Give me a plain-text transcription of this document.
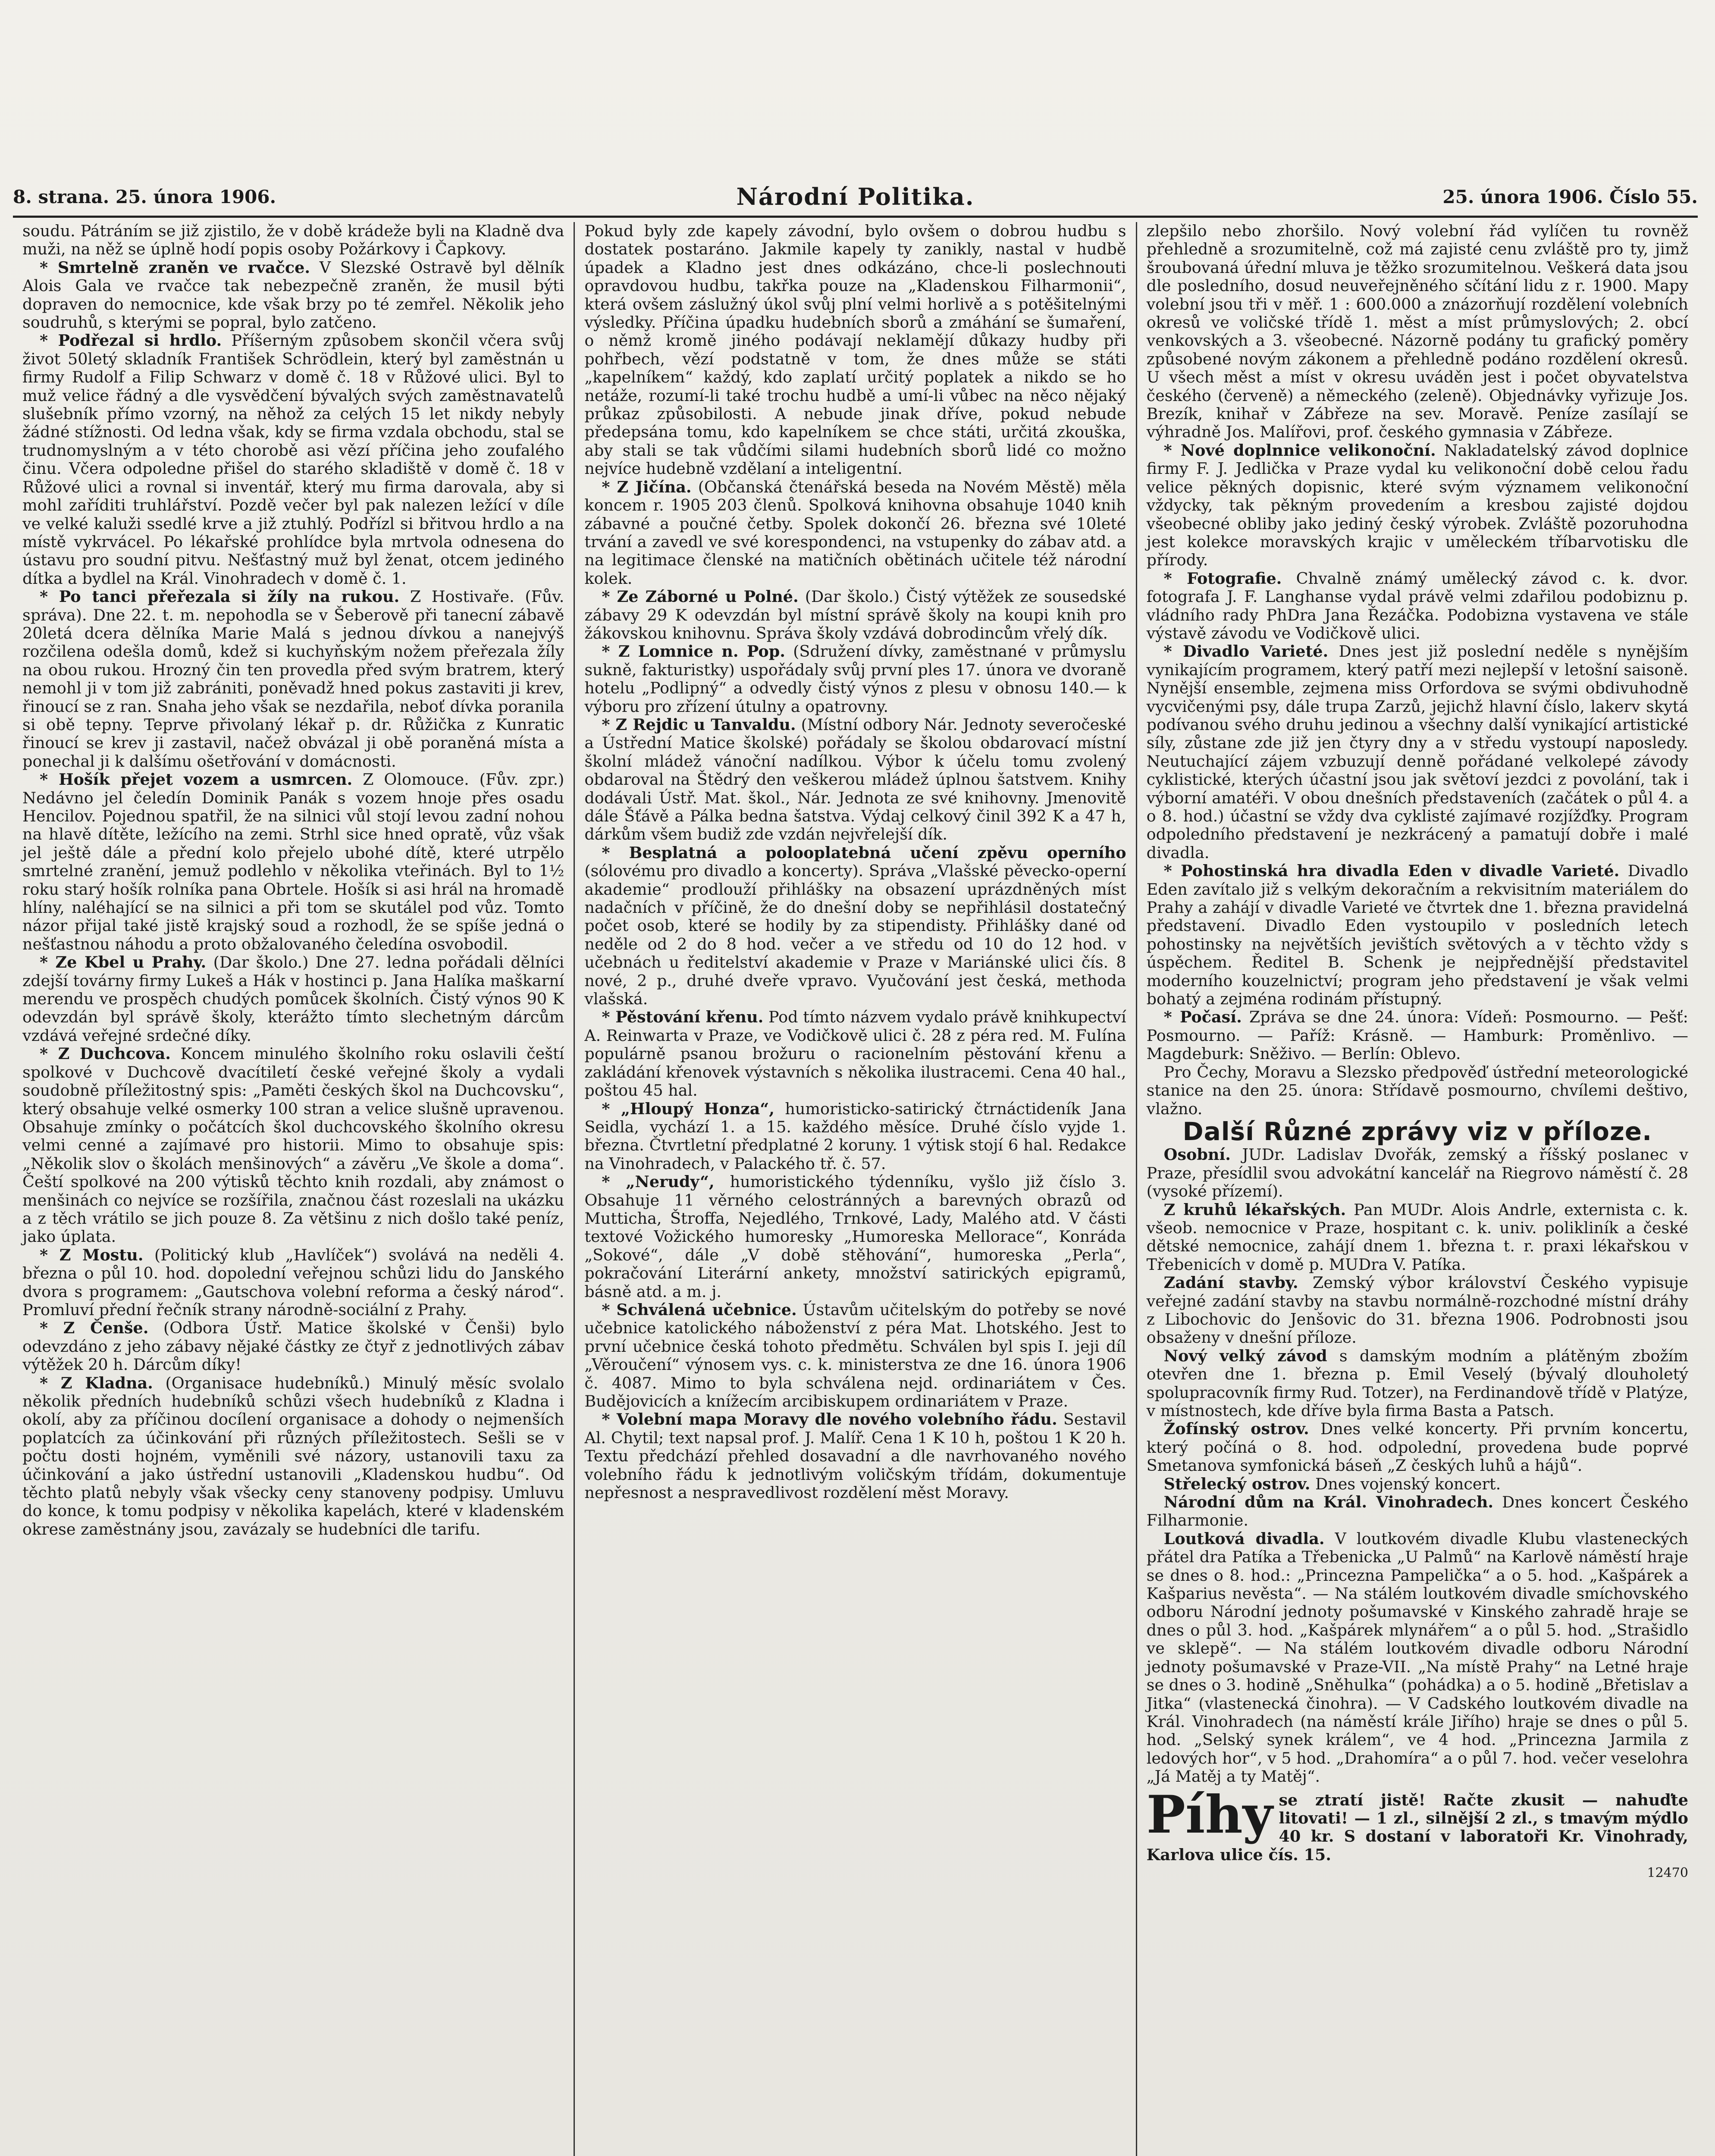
8. strana. 25. února 1906.	Národní Politika.	25. února 1906. Číslo 55.

soudu. Pátráním se již zjistilo, že v době krádeže byli na Kladně dva muži, na něž se úplně hodí popis osoby Požárkovy i Čapkovy.

* Smrtelně zraněn ve rvačce. V Slezské Ostravě byl dělník Alois Gala ve rvačce tak nebezpečně zraněn, že musil býti dopraven do nemocnice, kde však brzy po té zemřel. Několik jeho soudruhů, s kterými se popral, bylo zatčeno.

* Podřezal si hrdlo. Příšerným způsobem skončil včera svůj život 50letý skladník František Schrödlein, který byl zaměstnán u firmy Rudolf a Filip Schwarz v domě č. 18 v Růžové ulici. Byl to muž velice řádný a dle vysvědčení bývalých svých zaměstnavatelů slušebník přímo vzorný, na něhož za celých 15 let nikdy nebyly žádné stížnosti. Od ledna však, kdy se firma vzdala obchodu, stal se trudnomyslným a v této chorobě asi vězí příčina jeho zoufalého činu. Včera odpoledne přišel do starého skladiště v domě č. 18 v Růžové ulici a rovnal si inventář, který mu firma darovala, aby si mohl zaříditi truhlářství. Pozdě večer byl pak nalezen ležící v díle ve velké kaluži ssedlé krve a již ztuhlý. Podřízl si břitvou hrdlo a na místě vykrvácel. Po lékařské prohlídce byla mrtvola odnesena do ústavu pro soudní pitvu. Nešťastný muž byl ženat, otcem jediného dítka a bydlel na Král. Vinohradech v domě č. 1.

* Po tanci přeřezala si žíly na rukou. Z Hostivaře. (Fův. správa). Dne 22. t. m. nepohodla se v Šeberově při tanecní zábavě 20letá dcera dělníka Marie Malá s jednou dívkou a nanejvýš rozčilena odešla domů, kdež si kuchyňským nožem přeřezala žíly na obou rukou. Hrozný čin ten provedla před svým bratrem, který nemohl ji v tom již zabrániti, poněvadž hned pokus zastaviti ji krev, řinoucí se z ran. Snaha jeho však se nezdařila, neboť dívka poranila si obě tepny. Teprve přivolaný lékař p. dr. Růžička z Kunratic řinoucí se krev ji zastavil, načež obvázal ji obě poraněná místa a ponechal ji k dalšímu ošetřování v domácnosti.

* Hošík přejet vozem a usmrcen. Z Olomouce. (Fův. zpr.) Nedávno jel čeledín Dominik Panák s vozem hnoje přes osadu Hencilov. Pojednou spatřil, že na silnici vůl stojí levou zadní nohou na hlavě dítěte, ležícího na zemi. Strhl sice hned opratě, vůz však jel ještě dále a přední kolo přejelo ubohé dítě, které utrpělo smrtelné zranění, jemuž podlehlo v několika vteřinách. Byl to 1½ roku starý hošík rolníka pana Obrtele. Hošík si asi hrál na hromadě hlíny, naléhající se na silnici a při tom se skutálel pod vůz. Tomto názor přijal také jistě krajský soud a rozhodl, že se spíše jedná o nešťastnou náhodu a proto obžalovaného čeledína osvobodil.

* Ze Kbel u Prahy. (Dar školo.) Dne 27. ledna pořádali dělníci zdejší továrny firmy Lukeš a Hák v hostinci p. Jana Halíka maškarní merendu ve prospěch chudých pomůcek školních. Čistý výnos 90 K odevzdán byl správě školy, kterážto tímto slechetným dárcům vzdává veřejné srdečné díky.

* Z Duchcova. Koncem minulého školního roku oslavili čeští spolkové v Duchcově dvacítiletí české veřejné školy a vydali soudobně příležitostný spis: „Paměti českých škol na Duchcovsku“, který obsahuje velké osmerky 100 stran a velice slušně upravenou. Obsahuje zmínky o počátcích škol duchcovského školního okresu velmi cenné a zajímavé pro historii. Mimo to obsahuje spis: „Několik slov o školách menšinových“ a závěru „Ve škole a doma“. Čeští spolkové na 200 výtisků těchto knih rozdali, aby známost o menšinách co nejvíce se rozšířila, značnou část rozeslali na ukázku a z těch vrátilo se jich pouze 8. Za většinu z nich došlo také peníz, jako úplata.

* Z Mostu. (Politický klub „Havlíček“) svolává na neděli 4. března o půl 10. hod. dopolední veřejnou schůzi lidu do Janského dvora s programem: „Gautschova volební reforma a český národ“. Promluví přední řečník strany národně-sociální z Prahy.

* Z Čenše. (Odbora Ústř. Matice školské v Čenši) bylo odevzdáno z jeho zábavy nějaké částky ze čtyř z jednotlivých zábav výtěžek 20 h. Dárcům díky!

* Z Kladna. (Organisace hudebníků.) Minulý měsíc svolalo několik předních hudebníků schůzi všech hudebníků z Kladna i okolí, aby za příčinou docílení organisace a dohody o nejmenších poplatcích za účinkování při různých příležitostech. Sešli se v počtu dosti hojném, vyměnili své názory, ustanovili taxu za účinkování a jako ústřední ustanovili „Kladenskou hudbu“. Od těchto platů nebyly však všecky ceny stanoveny podpisy. Umluvu do konce, k tomu podpisy v několika kapelách, které v kladenském okrese zaměstnány jsou, zavázaly se hudebníci dle tarifu.

Pokud byly zde kapely závodní, bylo ovšem o dobrou hudbu s dostatek postaráno. Jakmile kapely ty zanikly, nastal v hudbě úpadek a Kladno jest dnes odkázáno, chce-li poslechnouti opravdovou hudbu, takřka pouze na „Kladenskou Filharmonii“, která ovšem záslužný úkol svůj plní velmi horlivě a s potěšitelnými výsledky. Příčina úpadku hudebních sborů a zmáhání se šumaření, o němž kromě jiného podávají neklamějí důkazy hudby při pohřbech, vězí podstatně v tom, že dnes může se státi „kapelníkem“ každý, kdo zaplatí určitý poplatek a nikdo se ho netáže, rozumí-li také trochu hudbě a umí-li vůbec na něco nějaký průkaz způsobilosti. A nebude jinak dříve, pokud nebude předepsána tomu, kdo kapelníkem se chce státi, určitá zkouška, aby stali se tak vůdčími silami hudebních sborů lidé co možno nejvíce hudebně vzdělaní a inteligentní.

* Z Jičína. (Občanská čtenářská beseda na Novém Městě) měla koncem r. 1905 203 členů. Spolková knihovna obsahuje 1040 knih zábavné a poučné četby. Spolek dokončí 26. března své 10leté trvání a zavedl ve své korespondenci, na vstupenky do zábav atd. a na legitimace členské na matičních obětinách učitele též národní kolek.

* Ze Záborné u Polné. (Dar školo.) Čistý výtěžek ze sousedské zábavy 29 K odevzdán byl místní správě školy na koupi knih pro žákovskou knihovnu. Správa školy vzdává dobrodincům vřelý dík.

* Z Lomnice n. Pop. (Sdružení dívky, zaměstnané v průmyslu sukně, fakturistky) uspořádaly svůj první ples 17. února ve dvoraně hotelu „Podlipný“ a odvedly čistý výnos z plesu v obnosu 140.— k výboru pro zřízení útulny a opatrovny.

* Z Rejdic u Tanvaldu. (Místní odbory Nár. Jednoty severočeské a Ústřední Matice školské) pořádaly se školou obdarovací místní školní mládež vánoční nadílkou. Výbor k účelu tomu zvolený obdaroval na Štědrý den veškerou mládež úplnou šatstvem. Knihy dodávali Ústř. Mat. škol., Nár. Jednota ze své knihovny. Jmenovitě dále Šťávě a Pálka bedna šatstva. Výdaj celkový činil 392 K a 47 h, dárkům všem budiž zde vzdán nejvřelejší dík.

* Besplatná a polooplatebná učení zpěvu operního (sólovému pro divadlo a koncerty). Správa „Vlašské pěvecko-operní akademie“ prodlouží přihlášky na obsazení uprázdněných míst nadačních v příčině, že do dnešní doby se nepřihlásil dostatečný počet osob, které se hodily by za stipendisty. Přihlášky dané od neděle od 2 do 8 hod. večer a ve středu od 10 do 12 hod. v učebnách u ředitelství akademie v Praze v Mariánské ulici čís. 8 nové, 2 p., druhé dveře vpravo. Vyučování jest česká, methoda vlašská.

* Pěstování křenu. Pod tímto názvem vydalo právě knihkupectví A. Reinwarta v Praze, ve Vodičkově ulici č. 28 z péra red. M. Fulína populárně psanou brožuru o racionelním pěstování křenu a zakládání křenovek výstavních s několika ilustracemi. Cena 40 hal., poštou 45 hal.

* „Hloupý Honza“, humoristicko-satirický čtrnáctideník Jana Seidla, vychází 1. a 15. každého měsíce. Druhé číslo vyjde 1. března. Čtvrtletní předplatné 2 koruny. 1 výtisk stojí 6 hal. Redakce na Vinohradech, v Palackého tř. č. 57.

* „Nerudy“, humoristického týdenníku, vyšlo již číslo 3. Obsahuje 11 věrného celostránných a barevných obrazů od Mutticha, Štroffa, Nejedlého, Trnkové, Lady, Malého atd. V části textové Vožického humoresky „Humoreska Mellorace“, Konráda „Sokové“, dále „V době stěhování“, humoreska „Perla“, pokračování Literární ankety, množství satirických epigramů, básně atd. a m. j.

* Schválená učebnice. Ústavům učitelským do potřeby se nové učebnice katolického náboženství z péra Mat. Lhotského. Jest to první učebnice česká tohoto předmětu. Schválen byl spis I. jeji díl „Věroučení“ výnosem vys. c. k. ministerstva ze dne 16. února 1906 č. 4087. Mimo to byla schválena nejd. ordinariátem v Čes. Budějovicích a knížecím arcibiskupem ordinariátem v Praze.

* Volební mapa Moravy dle nového volebního řádu. Sestavil Al. Chytil; text napsal prof. J. Malíř. Cena 1 K 10 h, poštou 1 K 20 h. Textu předchází přehled dosavadní a dle navrhovaného nového volebního řádu k jednotlivým voličským třídám, dokumentuje nepřesnost a nespravedlivost rozdělení měst Moravy.

zlepšilo nebo zhoršilo. Nový volební řád vylíčen tu rovněž přehledně a srozumitelně, což má zajisté cenu zvláště pro ty, jimž šroubovaná úřední mluva je těžko srozumitelnou. Veškerá data jsou dle posledního, dosud neuveřejněného sčítání lidu z r. 1900. Mapy volební jsou tři v měř. 1 : 600.000 a znázorňují rozdělení volebních okresů ve voličské třídě 1. měst a míst průmyslových; 2. obcí venkovských a 3. všeobecné. Názorně podány tu grafický poměry způsobené novým zákonem a přehledně podáno rozdělení okresů. U všech měst a míst v okresu uváděn jest i počet obyvatelstva českého (červeně) a německého (zeleně). Objednávky vyřizuje Jos. Brezík, knihař v Zábřeze na sev. Moravě. Peníze zasílají se výhradně Jos. Malířovi, prof. českého gymnasia v Zábřeze.

* Nové doplnnice velikonoční. Nakladatelský závod doplnice firmy F. J. Jedlička v Praze vydal ku velikonoční době celou řadu velice pěkných dopisnic, které svým významem velikonoční vždycky, tak pěkným provedením a kresbou zajisté dojdou všeobecné obliby jako jediný český výrobek. Zvláště pozoruhodna jest kolekce moravských krajic v uměleckém tříbarvotisku dle přírody.

* Fotografie. Chvalně známý umělecký závod c. k. dvor. fotografa J. F. Langhanse vydal právě velmi zdařilou podobiznu p. vládního rady PhDra Jana Řezáčka. Podobizna vystavena ve stále výstavě závodu ve Vodičkově ulici.

* Divadlo Varieté. Dnes jest již poslední neděle s nynějším vynikajícím programem, který patří mezi nejlepší v letošní saisoně. Nynější ensemble, zejmena miss Orfordova se svými obdivuhodně vycvičenými psy, dále trupa Zarzů, jejichž hlavní číslo, lakerv skytá podívanou svého druhu jedinou a všechny další vynikající artistické síly, zůstane zde již jen čtyry dny a v středu vystoupí naposledy. Neutuchající zájem vzbuzují denně pořádané velkolepé závody cyklistické, kterých účastní jsou jak světoví jezdci z povolání, tak i výborní amatéři. V obou dnešních představeních (začátek o půl 4. a o 8. hod.) účastní se vždy dva cyklisté zajímavé rozjížďky. Program odpoledního představení je nezkrácený a pamatují dobře i malé divadla.

* Pohostinská hra divadla Eden v divadle Varieté. Divadlo Eden zavítalo již s velkým dekoračním a rekvisitním materiálem do Prahy a zahájí v divadle Varieté ve čtvrtek dne 1. března pravidelná představení. Divadlo Eden vystoupilo v posledních letech pohostinsky na největších jevištích světových a v těchto vždy s úspěchem. Ředitel B. Schenk je nejpřednější představitel moderního kouzelnictví; program jeho představení je však velmi bohatý a zejména rodinám přístupný.

* Počasí. Zpráva se dne 24. února: Vídeň: Posmourno. — Pešť: Posmourno. — Paříž: Krásně. — Hamburk: Proměnlivo. — Magdeburk: Sněživo. — Berlín: Oblevo.

Pro Čechy, Moravu a Slezsko předpověď ústřední meteorologické stanice na den 25. února: Střídavě posmourno, chvílemi deštivo, vlažno.

Další Různé zprávy viz v příloze.

Osobní. JUDr. Ladislav Dvořák, zemský a říšský poslanec v Praze, přesídlil svou advokátní kancelář na Riegrovo náměstí č. 28 (vysoké přízemí).

Z kruhů lékařských. Pan MUDr. Alois Andrle, externista c. k. všeob. nemocnice v Praze, hospitant c. k. univ. polikliník a české dětské nemocnice, zahájí dnem 1. března t. r. praxi lékařskou v Třebenicích v domě p. MUDra V. Patíka.

Zadání stavby. Zemský výbor království Českého vypisuje veřejné zadání stavby na stavbu normálně-rozchodné místní dráhy z Libochovic do Jenšovic do 31. března 1906. Podrobnosti jsou obsaženy v dnešní příloze.

Nový velký závod s damským modním a plátěným zbožím otevřen dne 1. března p. Emil Veselý (bývalý dlouholetý spolupracovník firmy Rud. Totzer), na Ferdinandově třídě v Platýze, v místnostech, kde dříve byla firma Basta a Patsch.

Žofínský ostrov. Dnes velké koncerty. Při prvním koncertu, který počíná o 8. hod. odpolední, provedena bude poprvé Smetanova symfonická báseň „Z českých luhů a hájů“.

Střelecký ostrov. Dnes vojenský koncert.

Národní dům na Král. Vinohradech. Dnes koncert Českého Filharmonie.

Loutková divadla. V loutkovém divadle Klubu vlasteneckých přátel dra Patíka a Třebenicka „U Palmů“ na Karlově náměstí hraje se dnes o 8. hod.: „Princezna Pampelička“ a o 5. hod. „Kašpárek a Kašparius nevěsta“. — Na stálém loutkovém divadle smíchovského odboru Národní jednoty pošumavské v Kinského zahradě hraje se dnes o půl 3. hod. „Kašpárek mlynářem“ a o půl 5. hod. „Strašidlo ve sklepě“. — Na stálém loutkovém divadle odboru Národní jednoty pošumavské v Praze-VII. „Na místě Prahy“ na Letné hraje se dnes o 3. hodině „Sněhulka“ (pohádka) a o 5. hodině „Břetislav a Jitka“ (vlastenecká činohra). — V Cadského loutkovém divadle na Král. Vinohradech (na náměstí krále Jiřího) hraje se dnes o půl 5. hod. „Selský synek králem“, ve 4 hod. „Princezna Jarmila z ledových hor“, v 5 hod. „Drahomíra“ a o půl 7. hod. večer veselohra „Já Matěj a ty Matěj“.

Píhy se ztratí jistě! Račte zkusit — nahuďte litovati! — 1 zl., silnější 2 zl., s tmavým mýdlo 40 kr. S dostaní v laboratoři Kr. Vinohrady, Karlova ulice čís. 15.
12470
